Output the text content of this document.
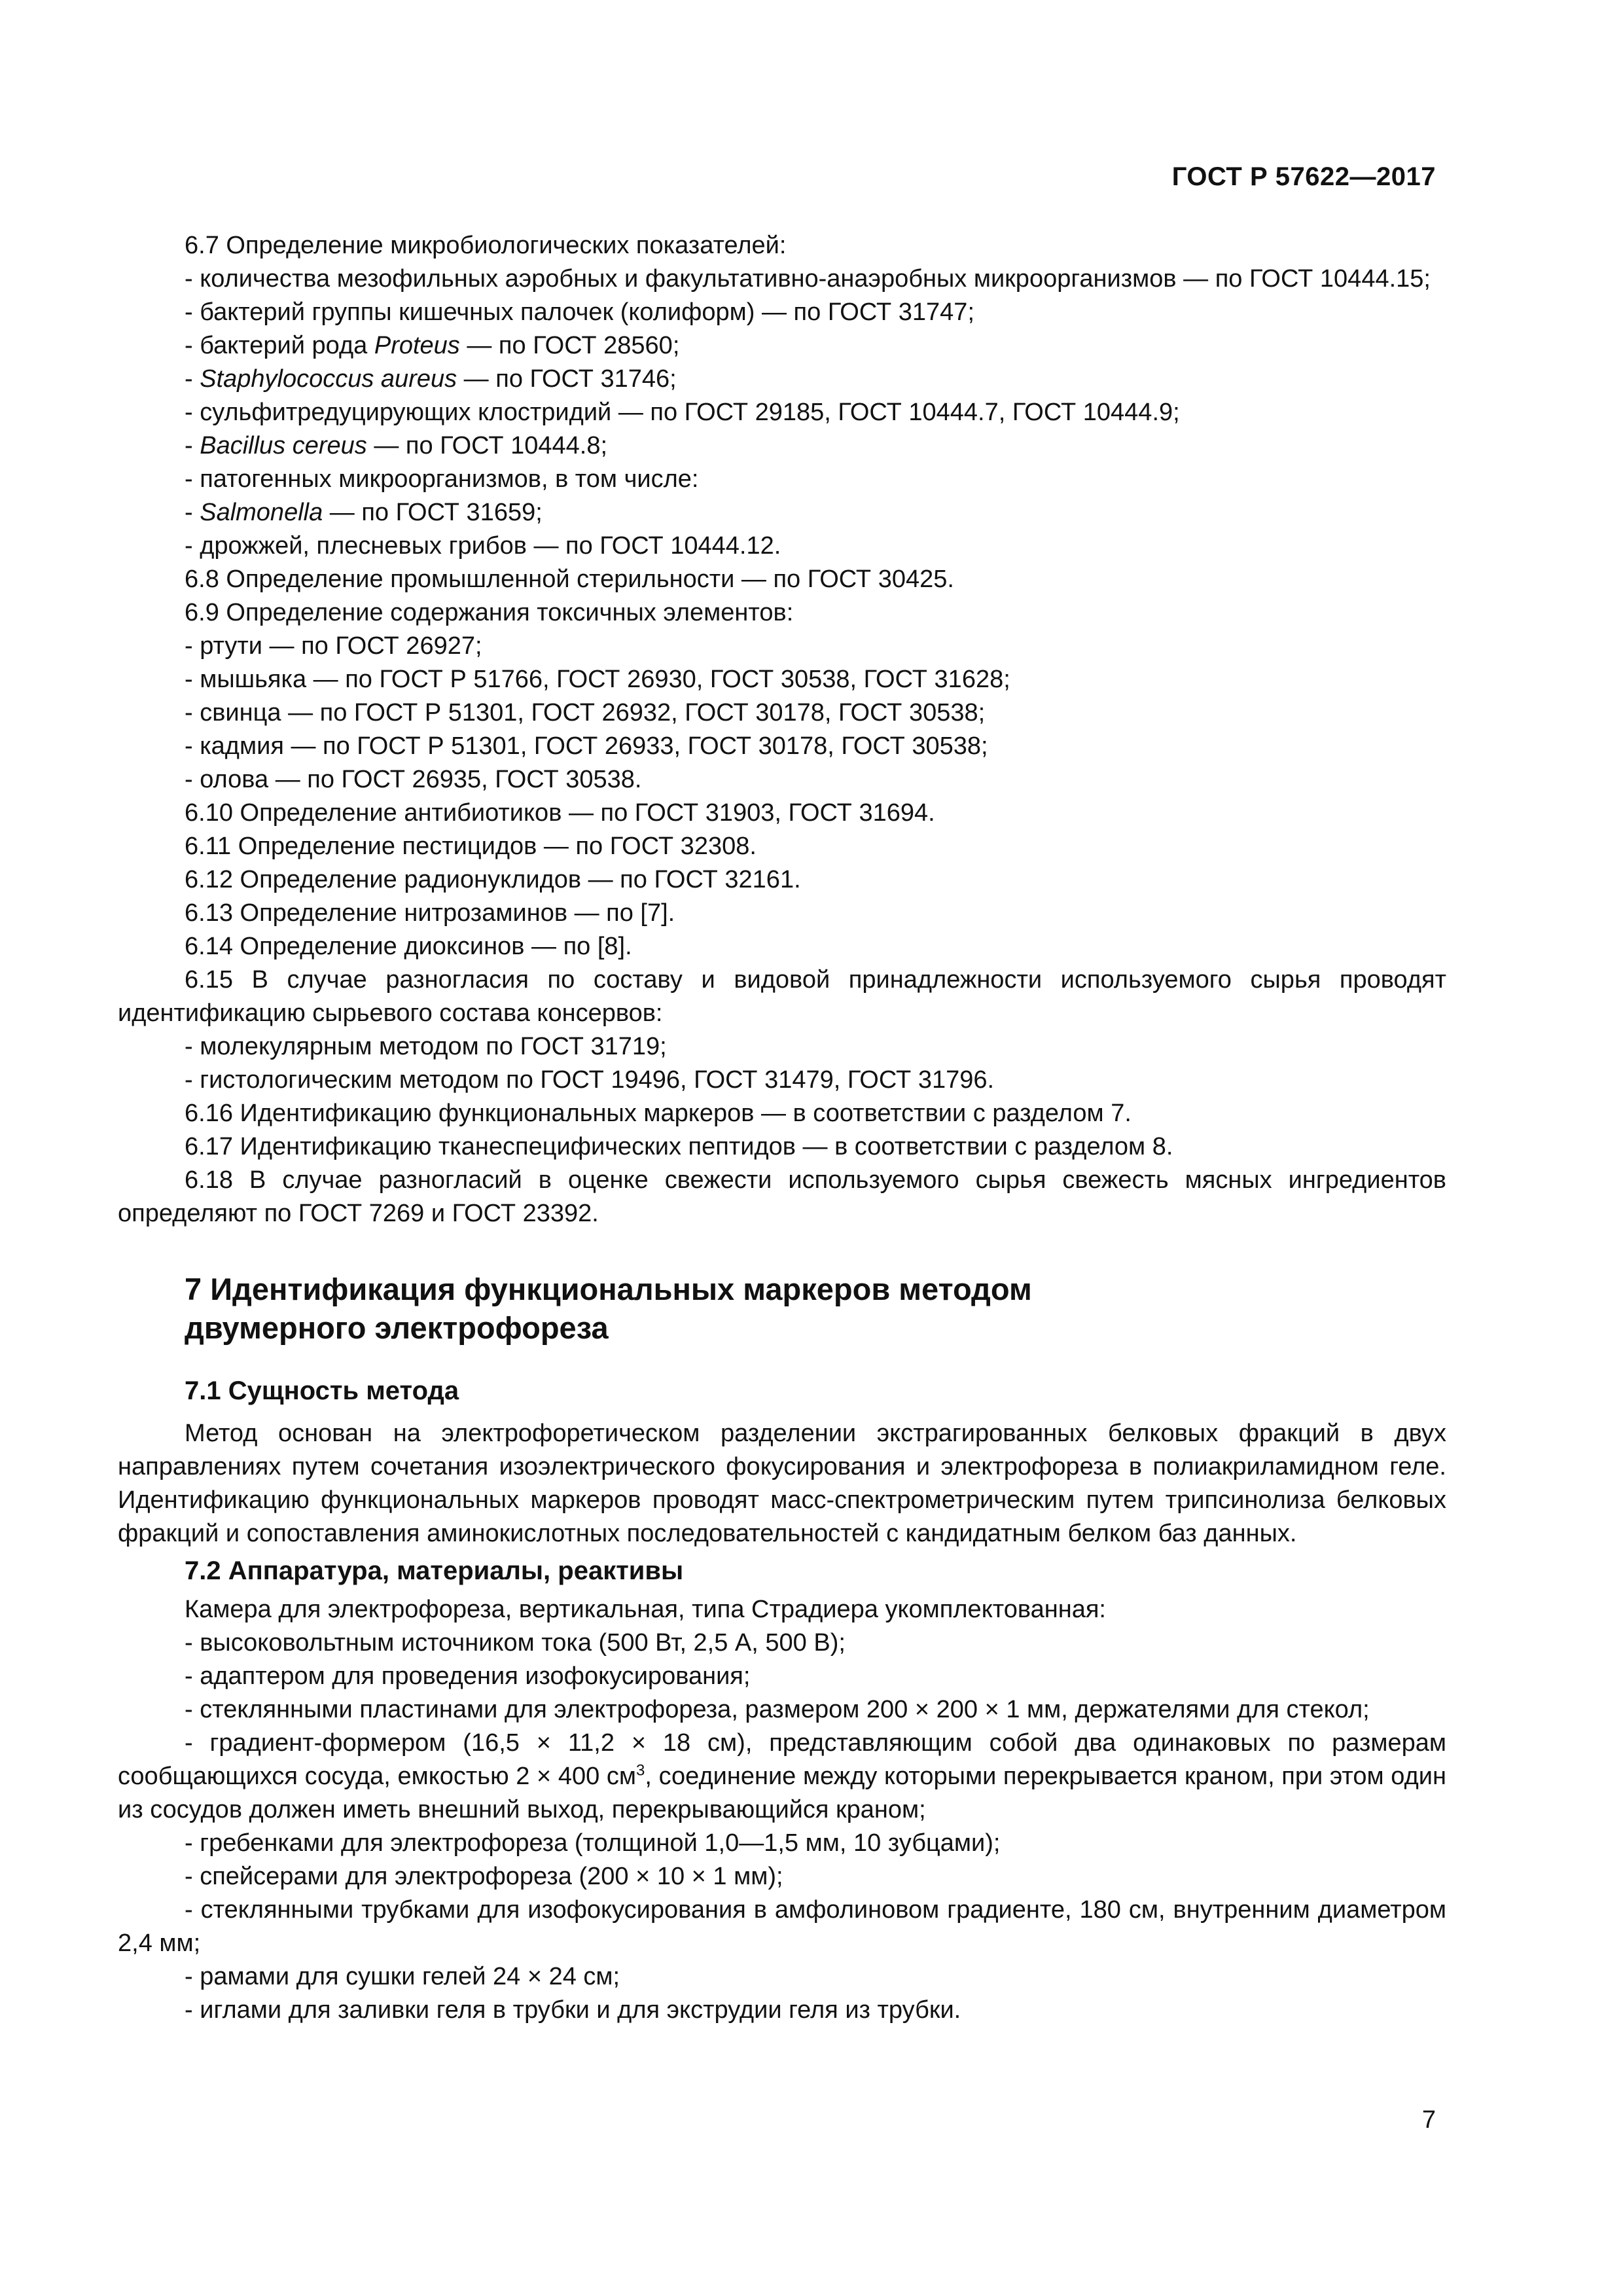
ГОСТ Р 57622—2017

6.7 Определение микробиологических показателей:

- количества мезофильных аэробных и факультативно-анаэробных микроорганизмов — по ГОСТ 10444.15;

- бактерий группы кишечных палочек (колиформ) — по ГОСТ 31747;

- бактерий рода Proteus — по ГОСТ 28560;

- Staphylococcus aureus — по ГОСТ 31746;

- сульфитредуцирующих клостридий — по ГОСТ 29185, ГОСТ 10444.7, ГОСТ 10444.9;

- Bacillus cereus — по ГОСТ 10444.8;

- патогенных микроорганизмов, в том числе:

- Salmonella — по ГОСТ 31659;

- дрожжей, плесневых грибов — по ГОСТ 10444.12.

6.8 Определение промышленной стерильности — по ГОСТ 30425.

6.9 Определение содержания токсичных элементов:

- ртути — по ГОСТ 26927;

- мышьяка — по ГОСТ Р 51766, ГОСТ 26930, ГОСТ 30538, ГОСТ 31628;

- свинца — по ГОСТ Р 51301, ГОСТ 26932, ГОСТ 30178, ГОСТ 30538;

- кадмия — по ГОСТ Р 51301, ГОСТ 26933, ГОСТ 30178, ГОСТ 30538;

- олова — по ГОСТ 26935, ГОСТ 30538.

6.10 Определение антибиотиков — по ГОСТ 31903, ГОСТ 31694.

6.11 Определение пестицидов — по ГОСТ 32308.

6.12 Определение радионуклидов — по ГОСТ 32161.

6.13 Определение нитрозаминов — по [7].

6.14 Определение диоксинов — по [8].

6.15 В случае разногласия по составу и видовой принадлежности используемого сырья проводят идентификацию сырьевого состава консервов:

- молекулярным методом по ГОСТ 31719;

- гистологическим методом по ГОСТ 19496, ГОСТ 31479, ГОСТ 31796.

6.16 Идентификацию функциональных маркеров — в соответствии с разделом 7.

6.17 Идентификацию тканеспецифических пептидов — в соответствии с разделом 8.

6.18 В случае разногласий в оценке свежести используемого сырья свежесть мясных ингредиентов определяют по ГОСТ 7269 и ГОСТ 23392.

7 Идентификация функциональных маркеров методом
двумерного электрофореза
7.1 Сущность метода

Метод основан на электрофоретическом разделении экстрагированных белковых фракций в двух направлениях путем сочетания изоэлектрического фокусирования и электрофореза в полиакриламидном геле. Идентификацию функциональных маркеров проводят масс-спектрометрическим путем трипсинолиза белковых фракций и сопоставления аминокислотных последовательностей с кандидатным белком баз данных.

7.2 Аппаратура, материалы, реактивы

Камера для электрофореза, вертикальная, типа Страдиера укомплектованная:

- высоковольтным источником тока (500 Вт, 2,5 А, 500 В);

- адаптером для проведения изофокусирования;

- стеклянными пластинами для электрофореза, размером 200 × 200 × 1 мм, держателями для стекол;

- градиент-формером (16,5 × 11,2 × 18 см), представляющим собой два одинаковых по размерам сообщающихся сосуда, емкостью 2 × 400 $см^3$, соединение между которыми перекрывается краном, при этом один из сосудов должен иметь внешний выход, перекрывающийся краном;

- гребенками для электрофореза (толщиной 1,0—1,5 мм, 10 зубцами);

- спейсерами для электрофореза (200 × 10 × 1 мм);

- стеклянными трубками для изофокусирования в амфолиновом градиенте, 180 см, внутренним диаметром 2,4 мм;

- рамами для сушки гелей 24 × 24 см;

- иглами для заливки геля в трубки и для экструдии геля из трубки.

7
